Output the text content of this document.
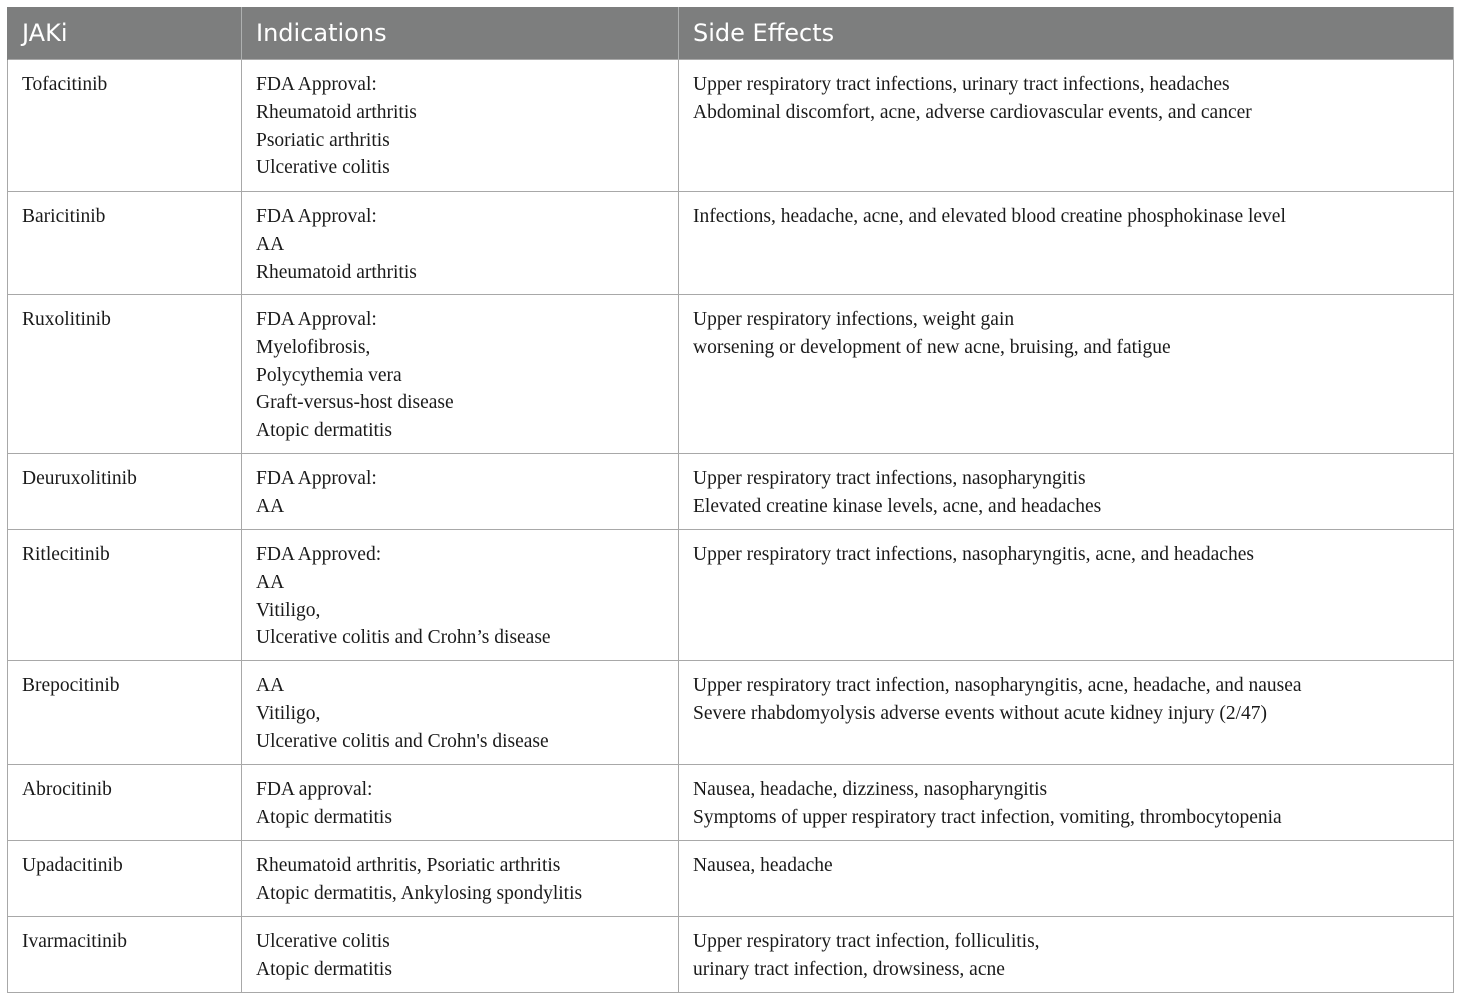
JAKi	Indications	Side Effects

Tofacitinib	FDA Approval:
Rheumatoid arthritis
Psoriatic arthritis
Ulcerative colitis	Upper respiratory tract infections, urinary tract infections, headaches
Abdominal discomfort, acne, adverse cardiovascular events, and cancer

Baricitinib	FDA Approval:
AA
Rheumatoid arthritis	Infections, headache, acne, and elevated blood creatine phosphokinase level

Ruxolitinib	FDA Approval:
Myelofibrosis,
Polycythemia vera
Graft-versus-host disease
Atopic dermatitis	Upper respiratory infections, weight gain
worsening or development of new acne, bruising, and fatigue

Deuruxolitinib	FDA Approval:
AA	Upper respiratory tract infections, nasopharyngitis
Elevated creatine kinase levels, acne, and headaches

Ritlecitinib	FDA Approved:
AA
Vitiligo,
Ulcerative colitis and Crohn’s disease	Upper respiratory tract infections, nasopharyngitis, acne, and headaches

Brepocitinib	AA
Vitiligo,
Ulcerative colitis and Crohn's disease	Upper respiratory tract infection, nasopharyngitis, acne, headache, and nausea
Severe rhabdomyolysis adverse events without acute kidney injury (2/47)

Abrocitinib	FDA approval:
Atopic dermatitis	Nausea, headache, dizziness, nasopharyngitis
Symptoms of upper respiratory tract infection, vomiting, thrombocytopenia

Upadacitinib	Rheumatoid arthritis, Psoriatic arthritis
Atopic dermatitis, Ankylosing spondylitis	Nausea, headache

Ivarmacitinib	Ulcerative colitis
Atopic dermatitis	Upper respiratory tract infection, folliculitis,
urinary tract infection, drowsiness, acne
